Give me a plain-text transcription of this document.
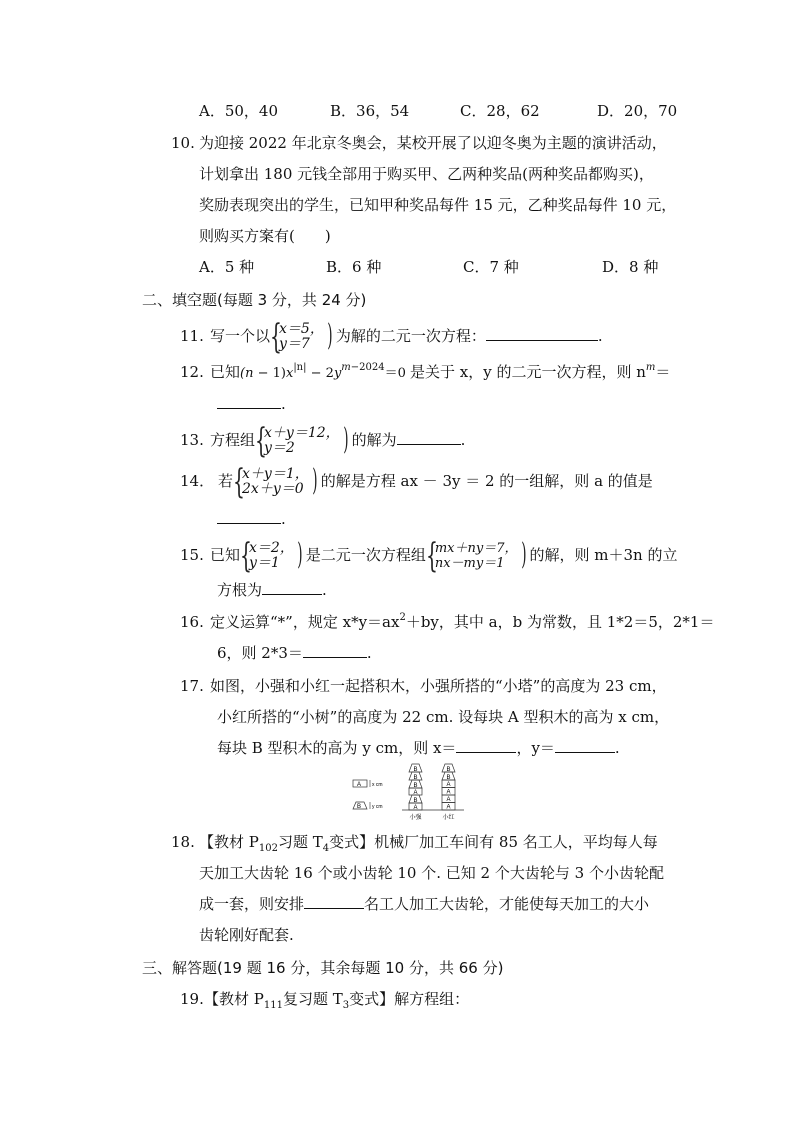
A．50，40	B．36，54	C．28，62	D．20，70
10. 为迎接 2022 年北京冬奥会，某校开展了以迎冬奥为主题的演讲活动，
计划拿出 180 元钱全部用于购买甲、乙两种奖品(两种奖品都购买)，
奖励表现突出的学生，已知甲种奖品每件 15 元，乙种奖品每件 10 元，
则购买方案有(　　)
A．5 种	B．6 种	C．7 种	D．8 种
二、填空题(每题 3 分，共 24 分)
11. 写一个以 {
x＝5，
y＝7 ) 为解的二元一次方程：	.
12. 已知$(n - 1)x^{|n|} - 2y^{m-2024}=0$ 是关于 x，y 的二元一次方程，则 $n^m=$
.
13. 方程组 {
x＋y＝12，
y＝2	) 的解为	.
14． 若 {
x＋y＝1，
2x＋y＝0 ) 的解是方程 ax － 3y ＝ 2 的一组解，则 a 的值是
.
15. 已知 {
x＝2，
y＝1 ) 是二元一次方程组 {
mx＋ny＝7，
nx－my＝1 ) 的解，则 m＋3n 的立
方根为	.
16. 定义运算“*”，规定 $x*y=ax^2+by$，其中 a，b 为常数，且 1*2＝5，2*1＝
6，则 2*3＝	.
17. 如图，小强和小红一起搭积木，小强所搭的“小塔”的高度为 23 cm，
小红所搭的“小树”的高度为 22 cm. 设每块 A 型积木的高为 x cm，
每块 B 型积木的高为 y cm，则 x＝	，y＝	.
A x cm
B y cm
B
B
B
A
B
A
B
B
A
A
A
A
小强	小红
18. 【教材 $P_{102}$习题 $T_4$变式】机械厂加工车间有 85 名工人，平均每人每
天加工大齿轮 16 个或小齿轮 10 个. 已知 2 个大齿轮与 3 个小齿轮配
成一套，则安排	名工人加工大齿轮，才能使每天加工的大小
齿轮刚好配套.
三、解答题(19 题 16 分，其余每题 10 分，共 66 分)
19. 【教材 $P_{111}$复习题 $T_3$变式】解方程组：
